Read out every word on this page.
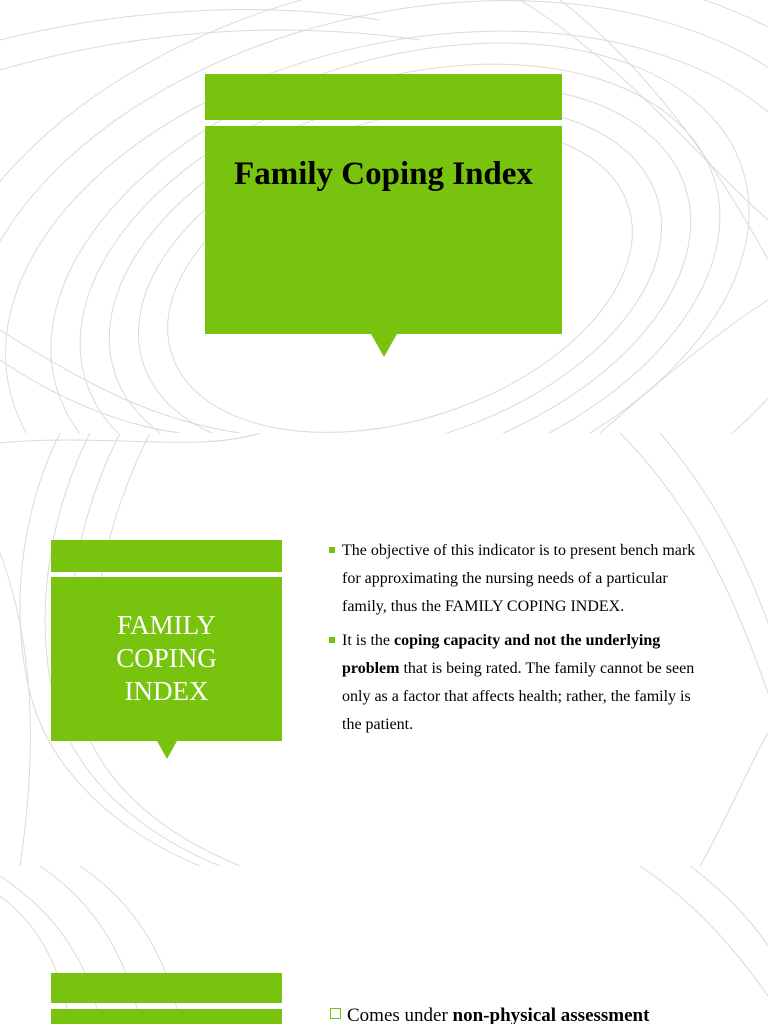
Family Coping Index
FAMILY
COPING
INDEX
The objective of this indicator is to present bench mark for approximating the nursing needs of a particular family, thus the FAMILY COPING INDEX.
It is the coping capacity and not the underlying problem that is being rated. The family cannot be seen only as a factor that affects health; rather, the family is the patient.
Comes under non-physical assessment
